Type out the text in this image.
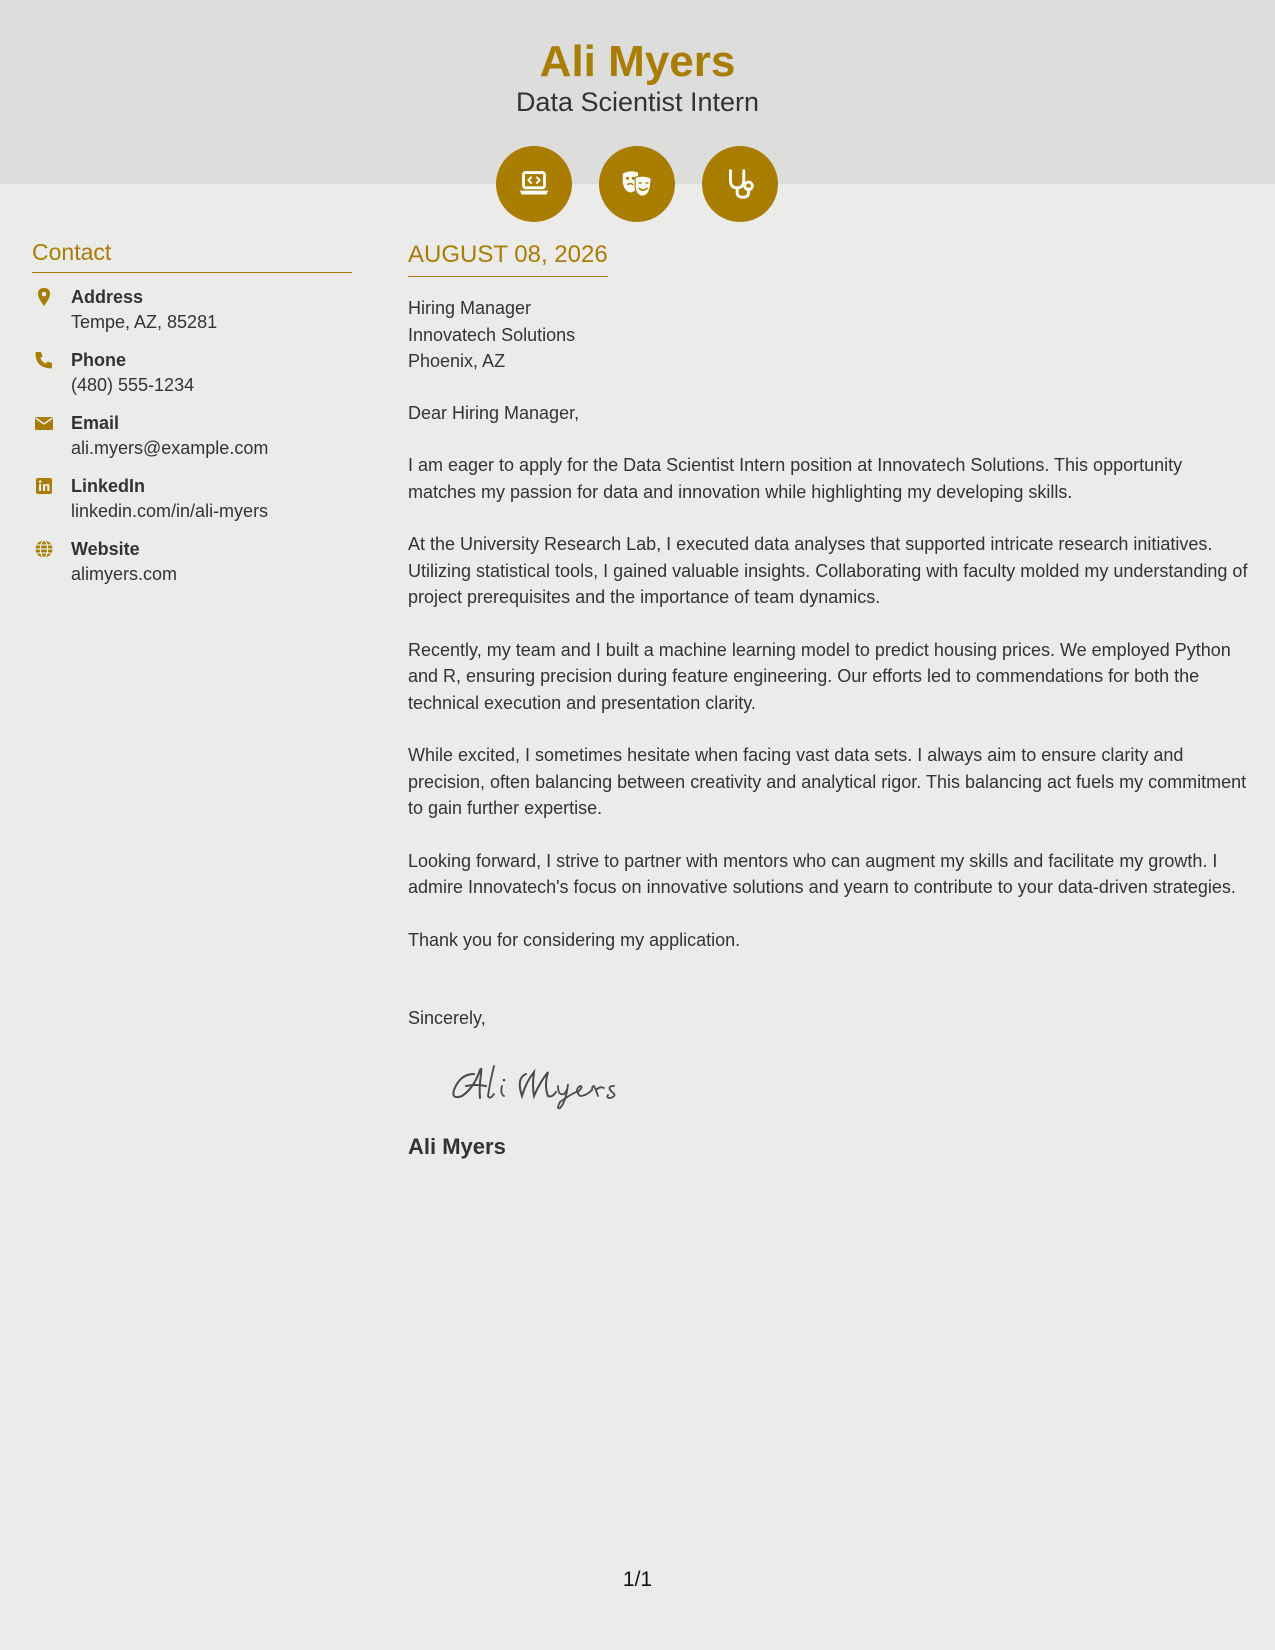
Ali Myers
Data Scientist Intern
Contact
Address
Tempe, AZ, 85281
Phone
(480) 555-1234
Email
ali.myers@example.com
LinkedIn
linkedin.com/in/ali-myers
Website
alimyers.com
AUGUST 08, 2026
Hiring Manager
Innovatech Solutions
Phoenix, AZ
Dear Hiring Manager,
I am eager to apply for the Data Scientist Intern position at Innovatech Solutions. This opportunity matches my passion for data and innovation while highlighting my developing skills.
At the University Research Lab, I executed data analyses that supported intricate research initiatives. Utilizing statistical tools, I gained valuable insights. Collaborating with faculty molded my understanding of project prerequisites and the importance of team dynamics.
Recently, my team and I built a machine learning model to predict housing prices. We employed Python and R, ensuring precision during feature engineering. Our efforts led to commendations for both the technical execution and presentation clarity.
While excited, I sometimes hesitate when facing vast data sets. I always aim to ensure clarity and precision, often balancing between creativity and analytical rigor. This balancing act fuels my commitment to gain further expertise.
Looking forward, I strive to partner with mentors who can augment my skills and facilitate my growth. I admire Innovatech's focus on innovative solutions and yearn to contribute to your data-driven strategies.
Thank you for considering my application.
Sincerely,
Ali Myers
1/1
